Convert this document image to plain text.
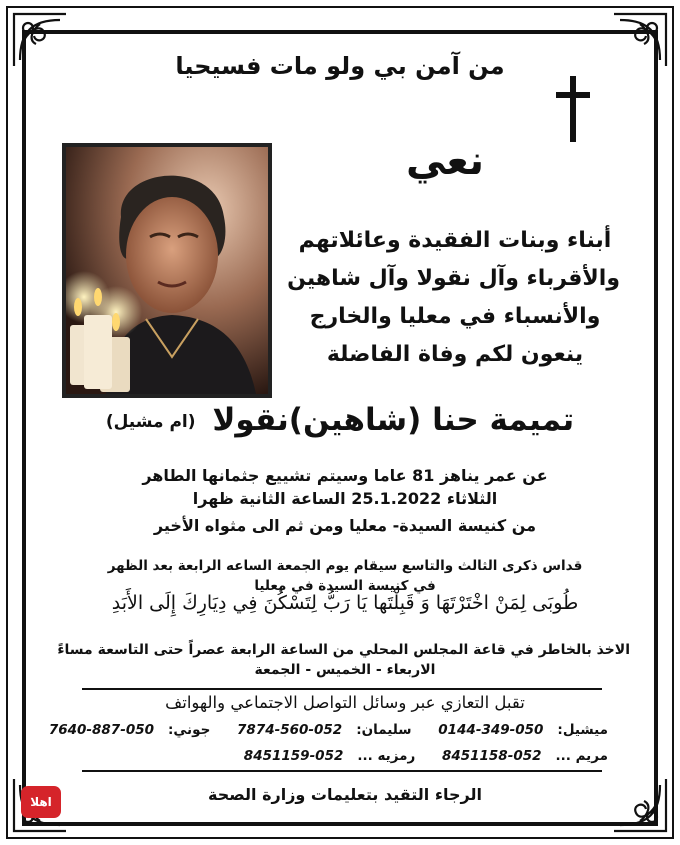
من آمن بي ولو مات فسيحيا
نعي
أبناء وبنات الفقيدة وعائلاتهم
والأقرباء وآل نقولا وآل شاهين
والأنسباء في معليا والخارج
ينعون لكم وفاة الفاضلة
تميمة حنا (شاهين)نقولا (ام مشيل)
عن عمر يناهز 81 عاما وسيتم تشييع جثمانها الطاهر
الثلاثاء 25.1.2022 الساعة الثانية ظهرا
من كنيسة السيدة- معليا ومن ثم الى مثواه الأخير
قداس ذكرى الثالث والتاسع سيقام يوم الجمعة الساعه الرابعة بعد الظهر
في كنيسة السيدة في معليا
طُوبَى لِمَنْ اخْتَرْتَهَا وَ قَبِلْتَها يَا رَبُّ لِتَسْكُنَ فِي دِيَارِكَ إِلَى الأَبَدِ
الاخذ بالخاطر في قاعة المجلس المحلي من الساعة الرابعة عصراً حتى التاسعة مساءً
الاربعاء - الخميس - الجمعة
تقبل التعازي عبر وسائل التواصل الاجتماعي والهواتف
ميشيل:050-349-0144 سليمان:052-560-7874 جوني:050-887-7640
مريم ...052-8451158 رمزيه ...052-8451159
الرجاء التقيد بتعليمات وزارة الصحة
اهلا
